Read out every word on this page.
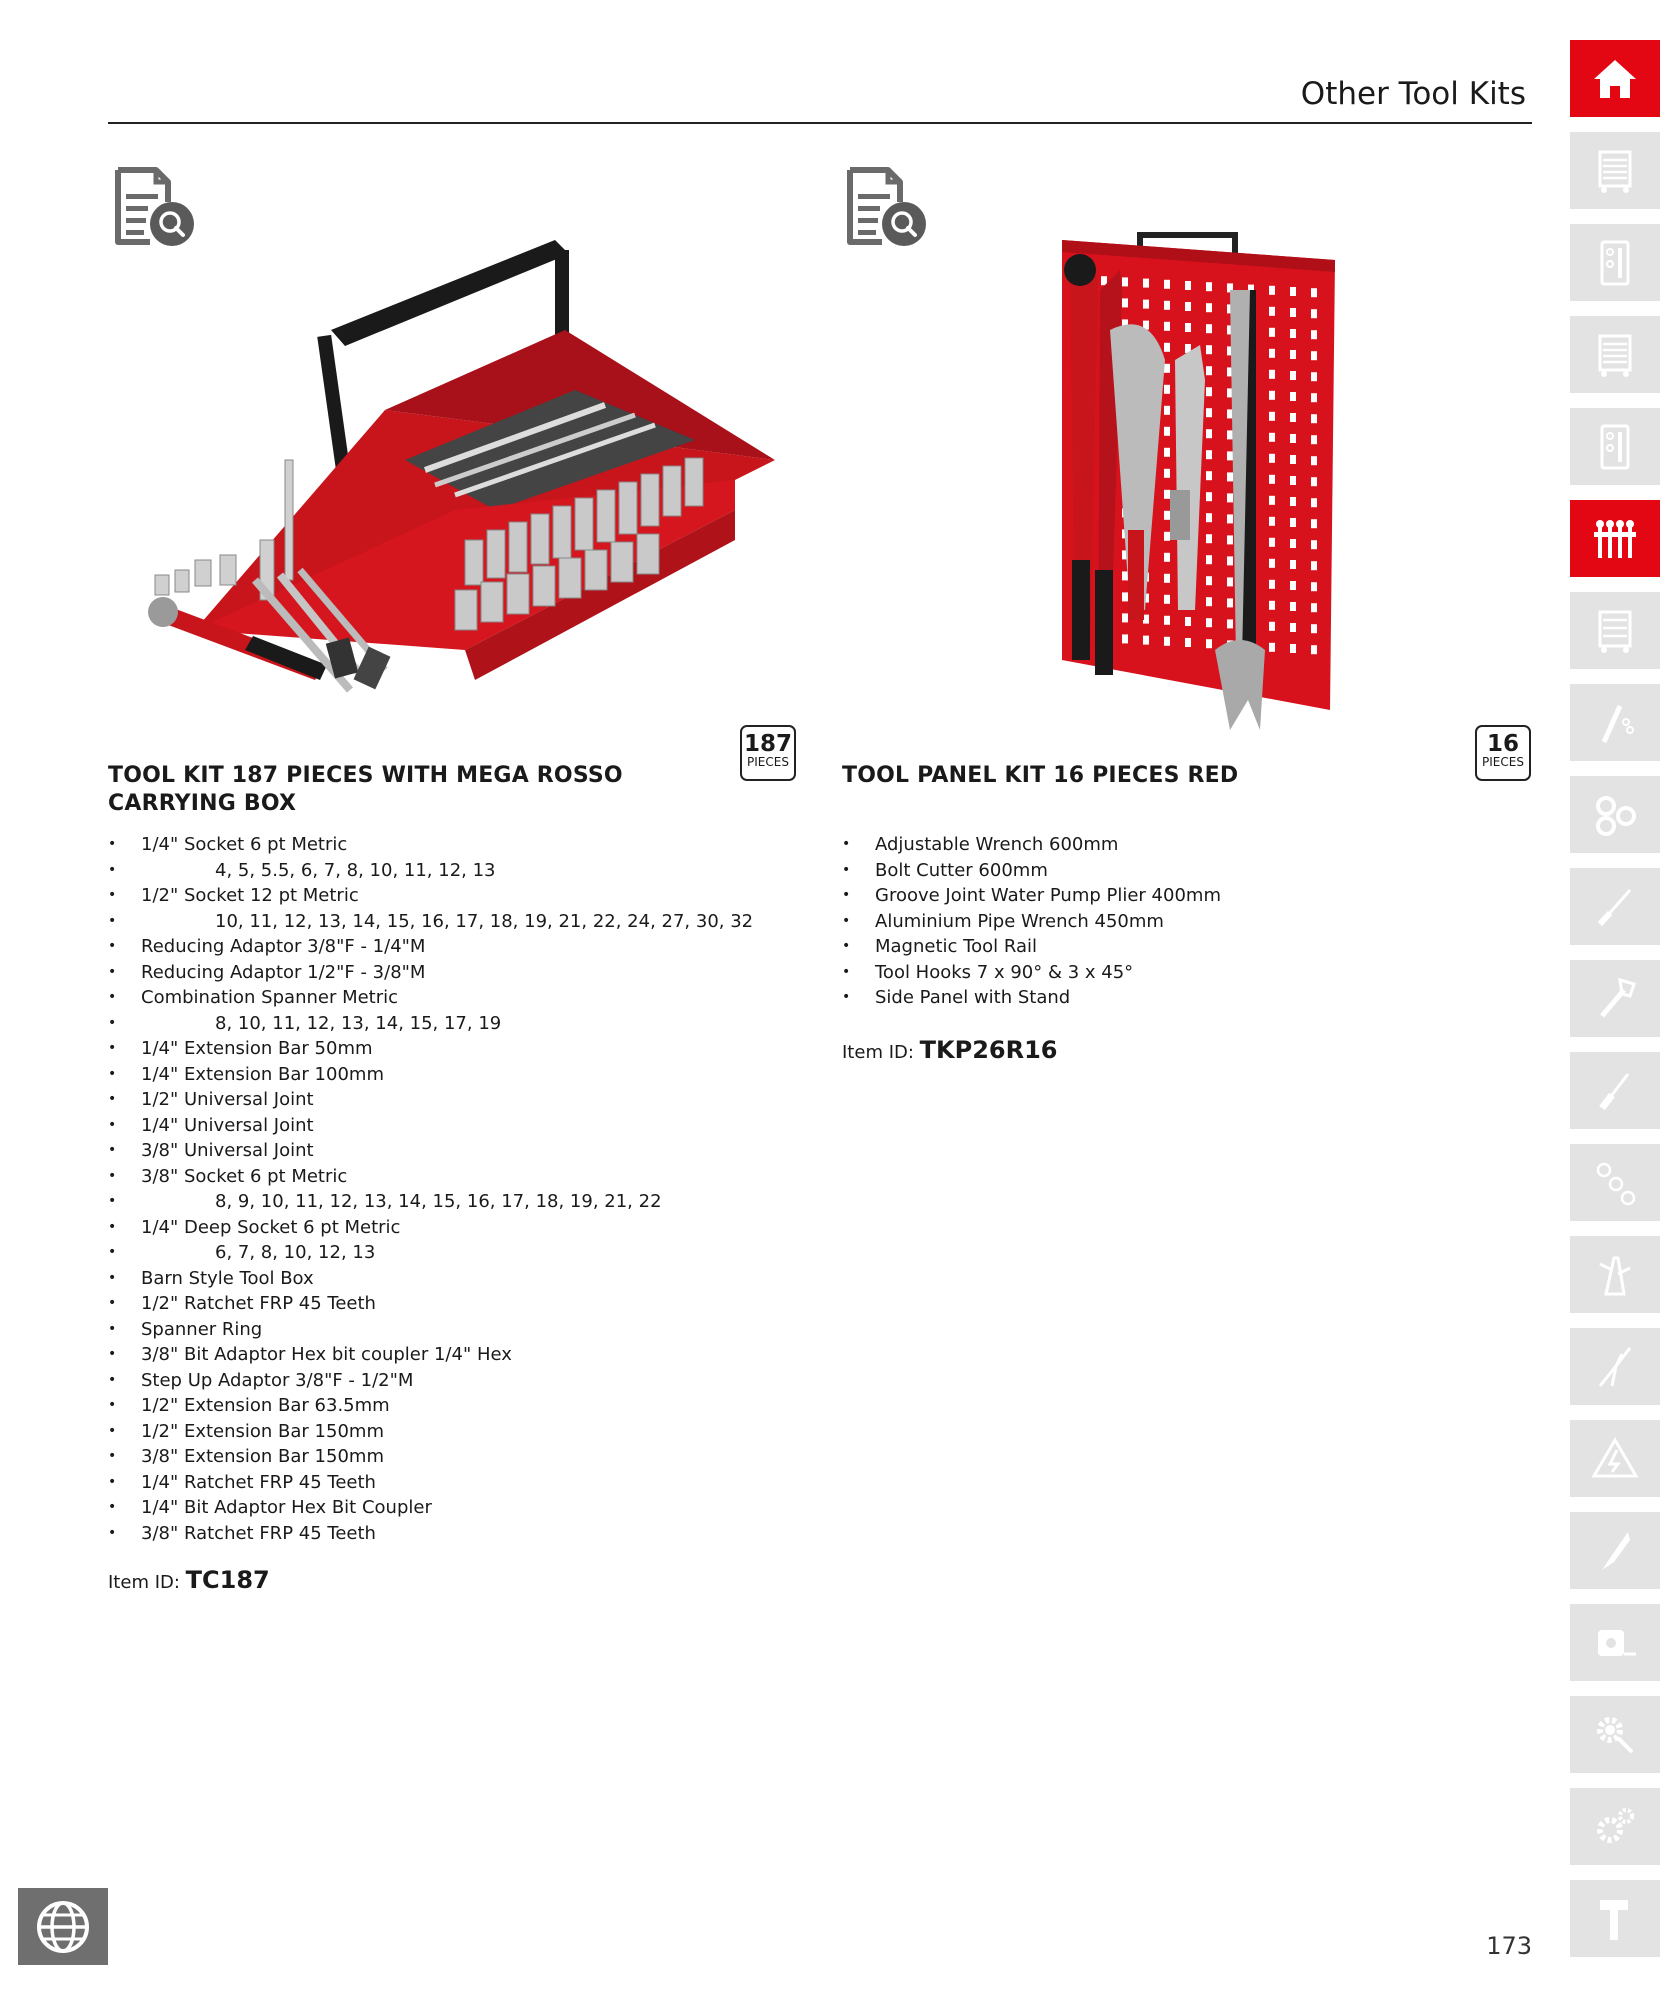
Other Tool Kits
187
PIECES
TOOL KIT 187 PIECES WITH MEGA ROSSO
CARRYING BOX
• 1/4" Socket 6 pt Metric
• 4, 5, 5.5, 6, 7, 8, 10, 11, 12, 13
• 1/2" Socket 12 pt Metric
• 10, 11, 12, 13, 14, 15, 16, 17, 18, 19, 21, 22, 24, 27, 30, 32
• Reducing Adaptor 3/8"F - 1/4"M
• Reducing Adaptor 1/2"F - 3/8"M
• Combination Spanner Metric
• 8, 10, 11, 12, 13, 14, 15, 17, 19
• 1/4" Extension Bar 50mm
• 1/4" Extension Bar 100mm
• 1/2" Universal Joint
• 1/4" Universal Joint
• 3/8" Universal Joint
• 3/8" Socket 6 pt Metric
• 8, 9, 10, 11, 12, 13, 14, 15, 16, 17, 18, 19, 21, 22
• 1/4" Deep Socket 6 pt Metric
• 6, 7, 8, 10, 12, 13
• Barn Style Tool Box
• 1/2" Ratchet FRP 45 Teeth
• Spanner Ring
• 3/8" Bit Adaptor Hex bit coupler 1/4" Hex
• Step Up Adaptor 3/8"F - 1/2"M
• 1/2" Extension Bar 63.5mm
• 1/2" Extension Bar 150mm
• 3/8" Extension Bar 150mm
• 1/4" Ratchet FRP 45 Teeth
• 1/4" Bit Adaptor Hex Bit Coupler
• 3/8" Ratchet FRP 45 Teeth
Item ID: TC187
16
PIECES
TOOL PANEL KIT 16 PIECES RED
• Adjustable Wrench 600mm
• Bolt Cutter 600mm
• Groove Joint Water Pump Plier 400mm
• Aluminium Pipe Wrench 450mm
• Magnetic Tool Rail
• Tool Hooks 7 x 90° & 3 x 45°
• Side Panel with Stand
Item ID: TKP26R16
173
